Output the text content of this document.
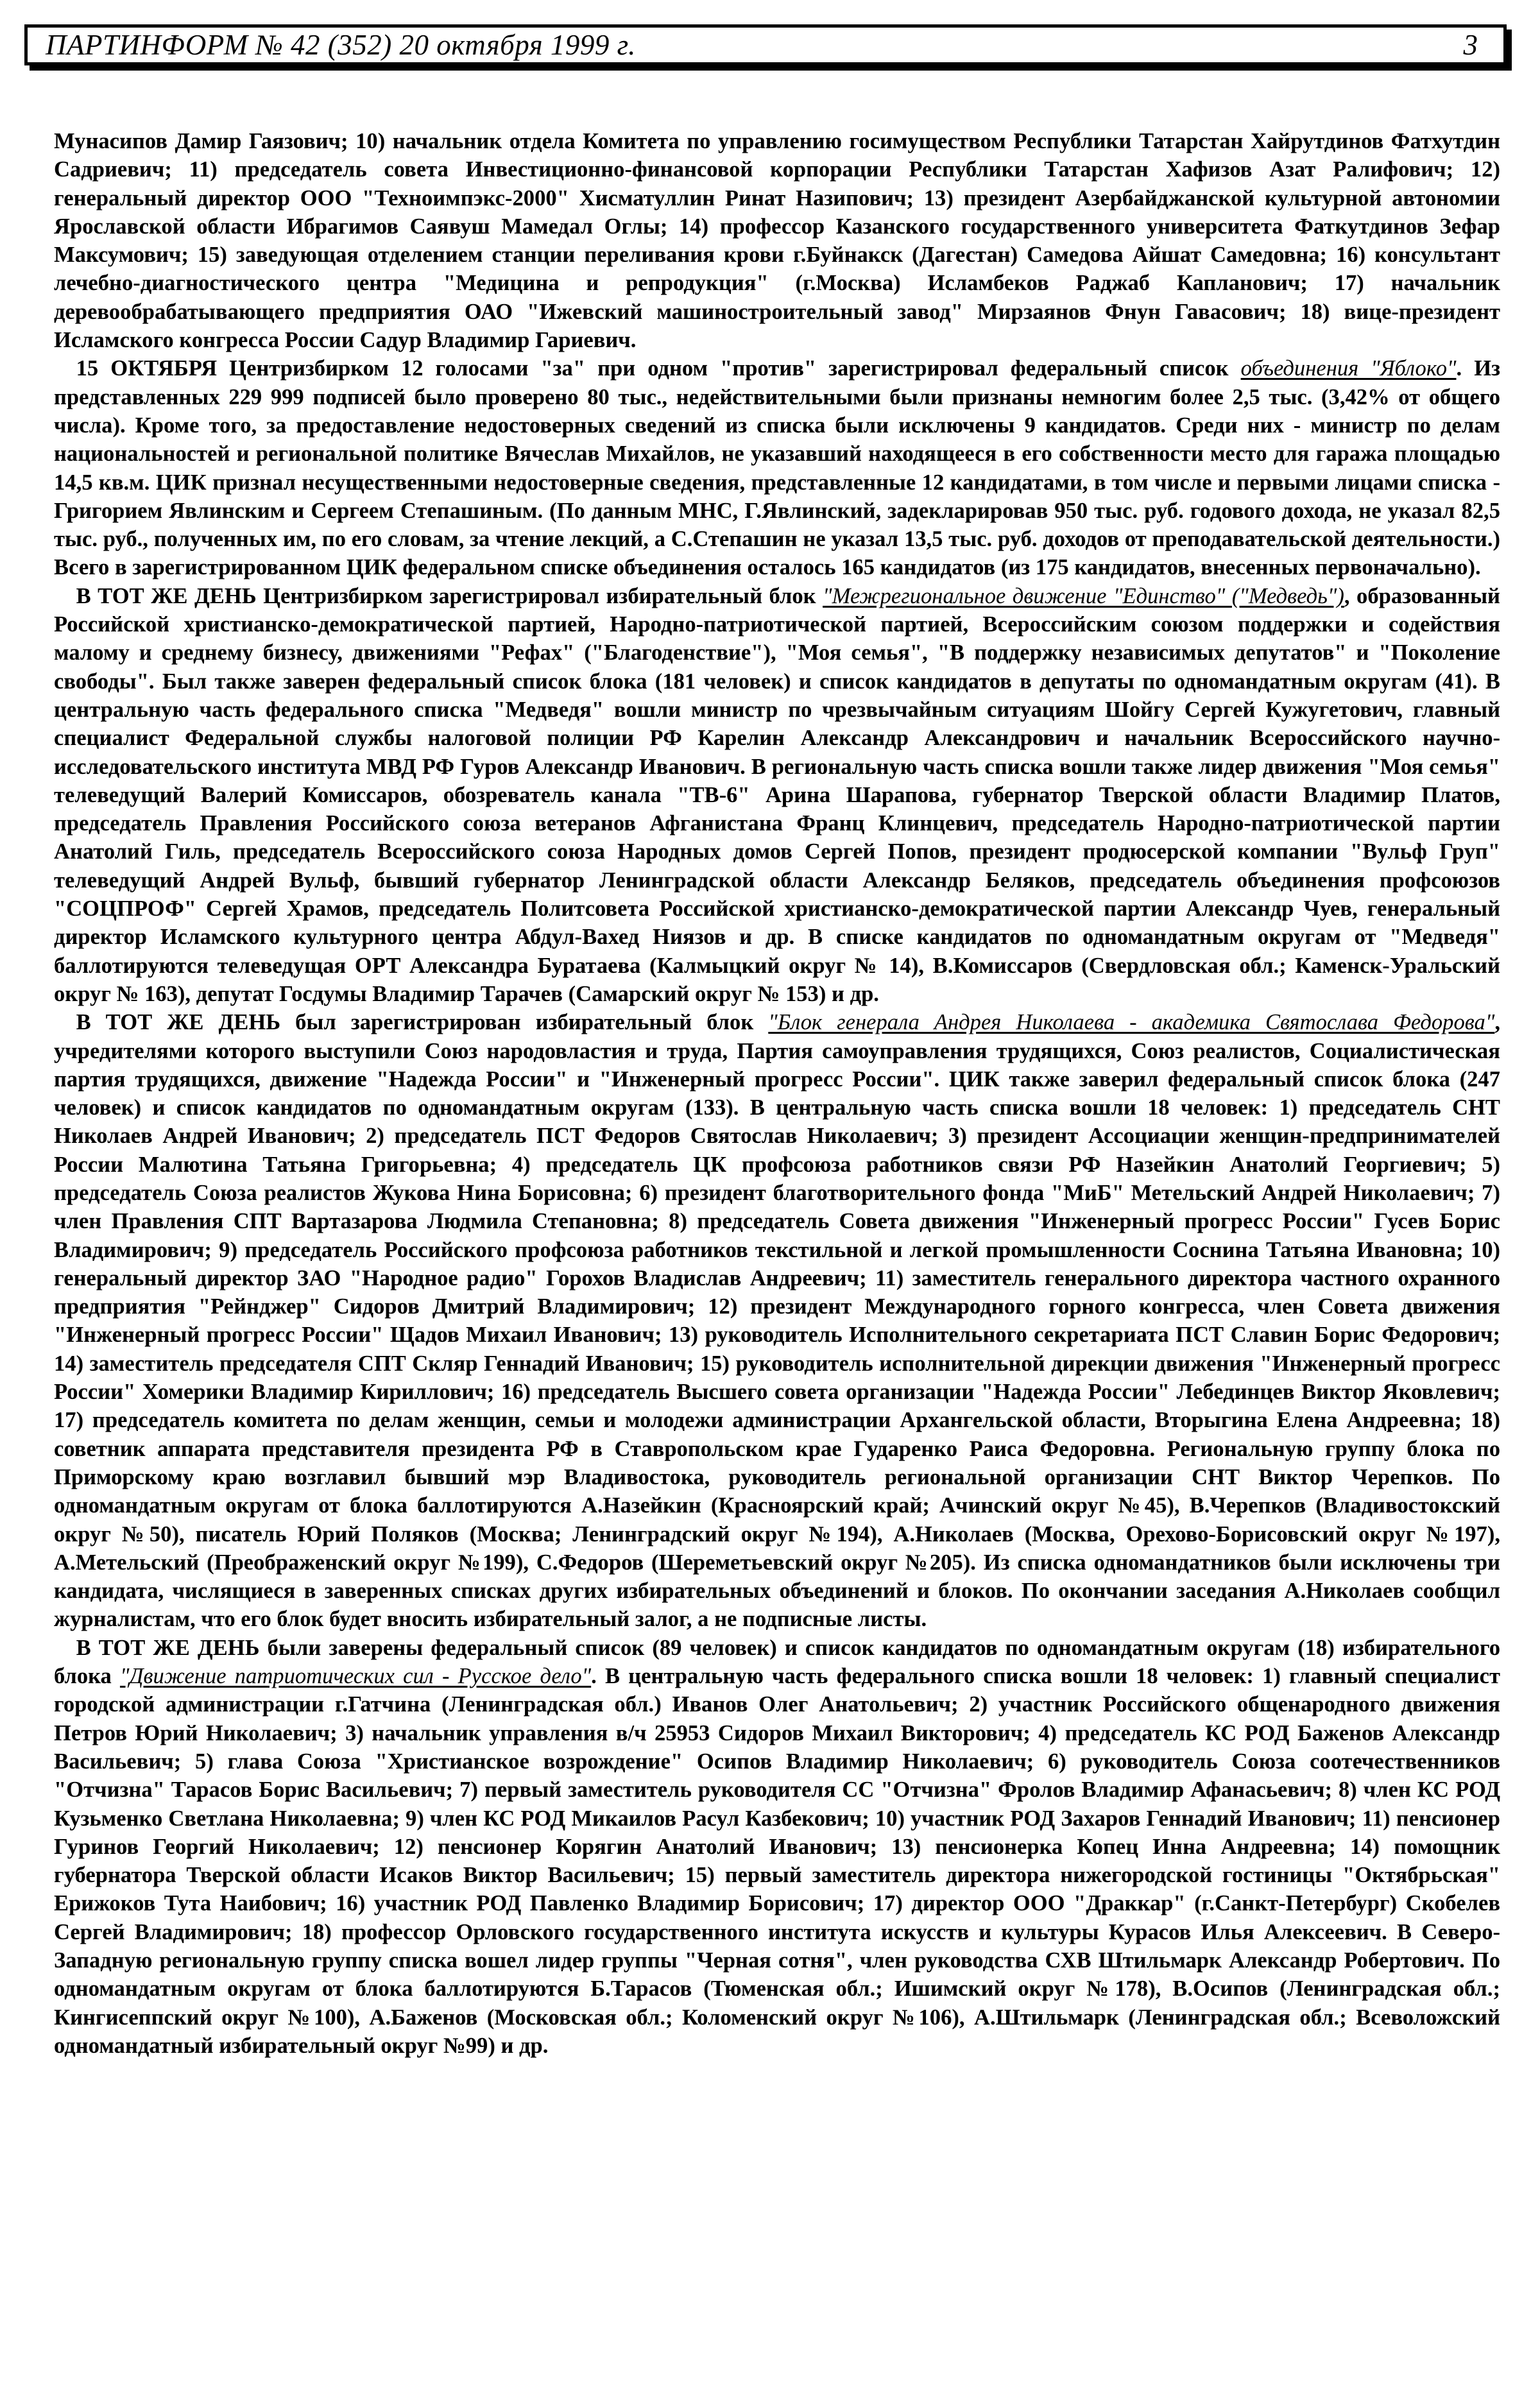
ПАРТИНФОРМ № 42 (352) 20 октября 1999 г.	3

Мунасипов Дамир Гаязович; 10) начальник отдела Комитета по управлению госимуществом Республики Татарстан Хайрутдинов Фатхутдин Садриевич; 11) председатель совета Инвестиционно-финансовой корпорации Республики Татарстан Хафизов Азат Ралифович; 12) генеральный директор ООО "Техноимпэкс-2000" Хисматуллин Ринат Назипович; 13) президент Азербайджанской культурной автономии Ярославской области Ибрагимов Саявуш Мамедал Оглы; 14) профессор Казанского государственного университета Фаткутдинов Зефар Максумович; 15) заведующая отделением станции переливания крови г.Буйнакск (Дагестан) Самедова Айшат Самедовна; 16) консультант лечебно-диагностического центра "Медицина и репродукция" (г.Москва) Исламбеков Раджаб Капланович; 17) начальник деревообрабатывающего предприятия ОАО "Ижевский машиностроительный завод" Мирзаянов Фнун Гавасович; 18) вице-президент Исламского конгресса России Садур Владимир Гариевич.

 15 ОКТЯБРЯ Центризбирком 12 голосами "за" при одном "против" зарегистрировал федеральный список объединения "Яблоко". Из представленных 229 999 подписей было проверено 80 тыс., недействительными были признаны немногим более 2,5 тыс. (3,42% от общего числа). Кроме того, за предоставление недостоверных сведений из списка были исключены 9 кандидатов. Среди них - министр по делам национальностей и региональной политике Вячеслав Михайлов, не указавший находящееся в его собственности место для гаража площадью 14,5 кв.м. ЦИК признал несущественными недостоверные сведения, представленные 12 кандидатами, в том числе и первыми лицами списка - Григорием Явлинским и Сергеем Степашиным. (По данным МНС, Г.Явлинский, задекларировав 950 тыс. руб. годового дохода, не указал 82,5 тыс. руб., полученных им, по его словам, за чтение лекций, а С.Степашин не указал 13,5 тыс. руб. доходов от преподавательской деятельности.) Всего в зарегистрированном ЦИК федеральном списке объединения осталось 165 кандидатов (из 175 кандидатов, внесенных первоначально).

 В ТОТ ЖЕ ДЕНЬ Центризбирком зарегистрировал избирательный блок "Межрегиональное движение "Единство" ("Медведь"), образованный Российской христианско-демократической партией, Народно-патриотической партией, Всероссийским союзом поддержки и содействия малому и среднему бизнесу, движениями "Рефах" ("Благоденствие"), "Моя семья", "В поддержку независимых депутатов" и "Поколение свободы". Был также заверен федеральный список блока (181 человек) и список кандидатов в депутаты по одномандатным округам (41). В центральную часть федерального списка "Медведя" вошли министр по чрезвычайным ситуациям Шойгу Сергей Кужугетович, главный специалист Федеральной службы налоговой полиции РФ Карелин Александр Александрович и начальник Всероссийского научно-исследовательского института МВД РФ Гуров Александр Иванович. В региональную часть списка вошли также лидер движения "Моя семья" телеведущий Валерий Комиссаров, обозреватель канала "ТВ-6" Арина Шарапова, губернатор Тверской области Владимир Платов, председатель Правления Российского союза ветеранов Афганистана Франц Клинцевич, председатель Народно-патриотической партии Анатолий Гиль, председатель Всероссийского союза Народных домов Сергей Попов, президент продюсерской компании "Вульф Груп" телеведущий Андрей Вульф, бывший губернатор Ленинградской области Александр Беляков, председатель объединения профсоюзов "СОЦПРОФ" Сергей Храмов, председатель Политсовета Российской христианско-демократической партии Александр Чуев, генеральный директор Исламского культурного центра Абдул-Вахед Ниязов и др. В списке кандидатов по одномандатным округам от "Медведя" баллотируются телеведущая ОРТ Александра Буратаева (Калмыцкий округ № 14), В.Комиссаров (Свердловская обл.; Каменск-Уральский округ № 163), депутат Госдумы Владимир Тарачев (Самарский округ № 153) и др.

 В ТОТ ЖЕ ДЕНЬ был зарегистрирован избирательный блок "Блок генерала Андрея Николаева - академика Святослава Федорова", учредителями которого выступили Союз народовластия и труда, Партия самоуправления трудящихся, Союз реалистов, Социалистическая партия трудящихся, движение "Надежда России" и "Инженерный прогресс России". ЦИК также заверил федеральный список блока (247 человек) и список кандидатов по одномандатным округам (133). В центральную часть списка вошли 18 человек: 1) председатель СНТ Николаев Андрей Иванович; 2) председатель ПСТ Федоров Святослав Николаевич; 3) президент Ассоциации женщин-предпринимателей России Малютина Татьяна Григорьевна; 4) председатель ЦК профсоюза работников связи РФ Назейкин Анатолий Георгиевич; 5) председатель Союза реалистов Жукова Нина Борисовна; 6) президент благотворительного фонда "МиБ" Метельский Андрей Николаевич; 7) член Правления СПТ Вартазарова Людмила Степановна; 8) председатель Совета движения "Инженерный прогресс России" Гусев Борис Владимирович; 9) председатель Российского профсоюза работников текстильной и легкой промышленности Соснина Татьяна Ивановна; 10) генеральный директор ЗАО "Народное радио" Горохов Владислав Андреевич; 11) заместитель генерального директора частного охранного предприятия "Рейнджер" Сидоров Дмитрий Владимирович; 12) президент Международного горного конгресса, член Совета движения "Инженерный прогресс России" Щадов Михаил Иванович; 13) руководитель Исполнительного секретариата ПСТ Славин Борис Федорович; 14) заместитель председателя СПТ Скляр Геннадий Иванович; 15) руководитель исполнительной дирекции движения "Инженерный прогресс России" Хомерики Владимир Кириллович; 16) председатель Высшего совета организации "Надежда России" Лебединцев Виктор Яковлевич; 17) председатель комитета по делам женщин, семьи и молодежи администрации Архангельской области, Вторыгина Елена Андреевна; 18) советник аппарата представителя президента РФ в Ставропольском крае Гударенко Раиса Федоровна. Региональную группу блока по Приморскому краю возглавил бывший мэр Владивостока, руководитель региональной организации СНТ Виктор Черепков. По одномандатным округам от блока баллотируются А.Назейкин (Красноярский край; Ачинский округ №45), В.Черепков (Владивостокский округ №50), писатель Юрий Поляков (Москва; Ленинградский округ №194), А.Николаев (Москва, Орехово-Борисовский округ №197), А.Метельский (Преображенский округ №199), С.Федоров (Шереметьевский округ №205). Из списка одномандатников были исключены три кандидата, числящиеся в заверенных списках других избирательных объединений и блоков. По окончании заседания А.Николаев сообщил журналистам, что его блок будет вносить избирательный залог, а не подписные листы.

 В ТОТ ЖЕ ДЕНЬ были заверены федеральный список (89 человек) и список кандидатов по одномандатным округам (18) избирательного блока "Движение патриотических сил - Русское дело". В центральную часть федерального списка вошли 18 человек: 1) главный специалист городской администрации г.Гатчина (Ленинградская обл.) Иванов Олег Анатольевич; 2) участник Российского общенародного движения Петров Юрий Николаевич; 3) начальник управления в/ч 25953 Сидоров Михаил Викторович; 4) председатель КС РОД Баженов Александр Васильевич; 5) глава Союза "Христианское возрождение" Осипов Владимир Николаевич; 6) руководитель Союза соотечественников "Отчизна" Тарасов Борис Васильевич; 7) первый заместитель руководителя СС "Отчизна" Фролов Владимир Афанасьевич; 8) член КС РОД Кузьменко Светлана Николаевна; 9) член КС РОД Микаилов Расул Казбекович; 10) участник РОД Захаров Геннадий Иванович; 11) пенсионер Гуринов Георгий Николаевич; 12) пенсионер Корягин Анатолий Иванович; 13) пенсионерка Копец Инна Андреевна; 14) помощник губернатора Тверской области Исаков Виктор Васильевич; 15) первый заместитель директора нижегородской гостиницы "Октябрьская" Ерижоков Тута Наибович; 16) участник РОД Павленко Владимир Борисович; 17) директор ООО "Драккар" (г.Санкт-Петербург) Скобелев Сергей Владимирович; 18) профессор Орловского государственного института искусств и культуры Курасов Илья Алексеевич. В Северо-Западную региональную группу списка вошел лидер группы "Черная сотня", член руководства СХВ Штильмарк Александр Робертович. По одномандатным округам от блока баллотируются Б.Тарасов (Тюменская обл.; Ишимский округ №178), В.Осипов (Ленинградская обл.; Кингисеппский округ №100), А.Баженов (Московская обл.; Коломенский округ №106), А.Штильмарк (Ленинградская обл.; Всеволожский одномандатный избирательный округ №99) и др.
